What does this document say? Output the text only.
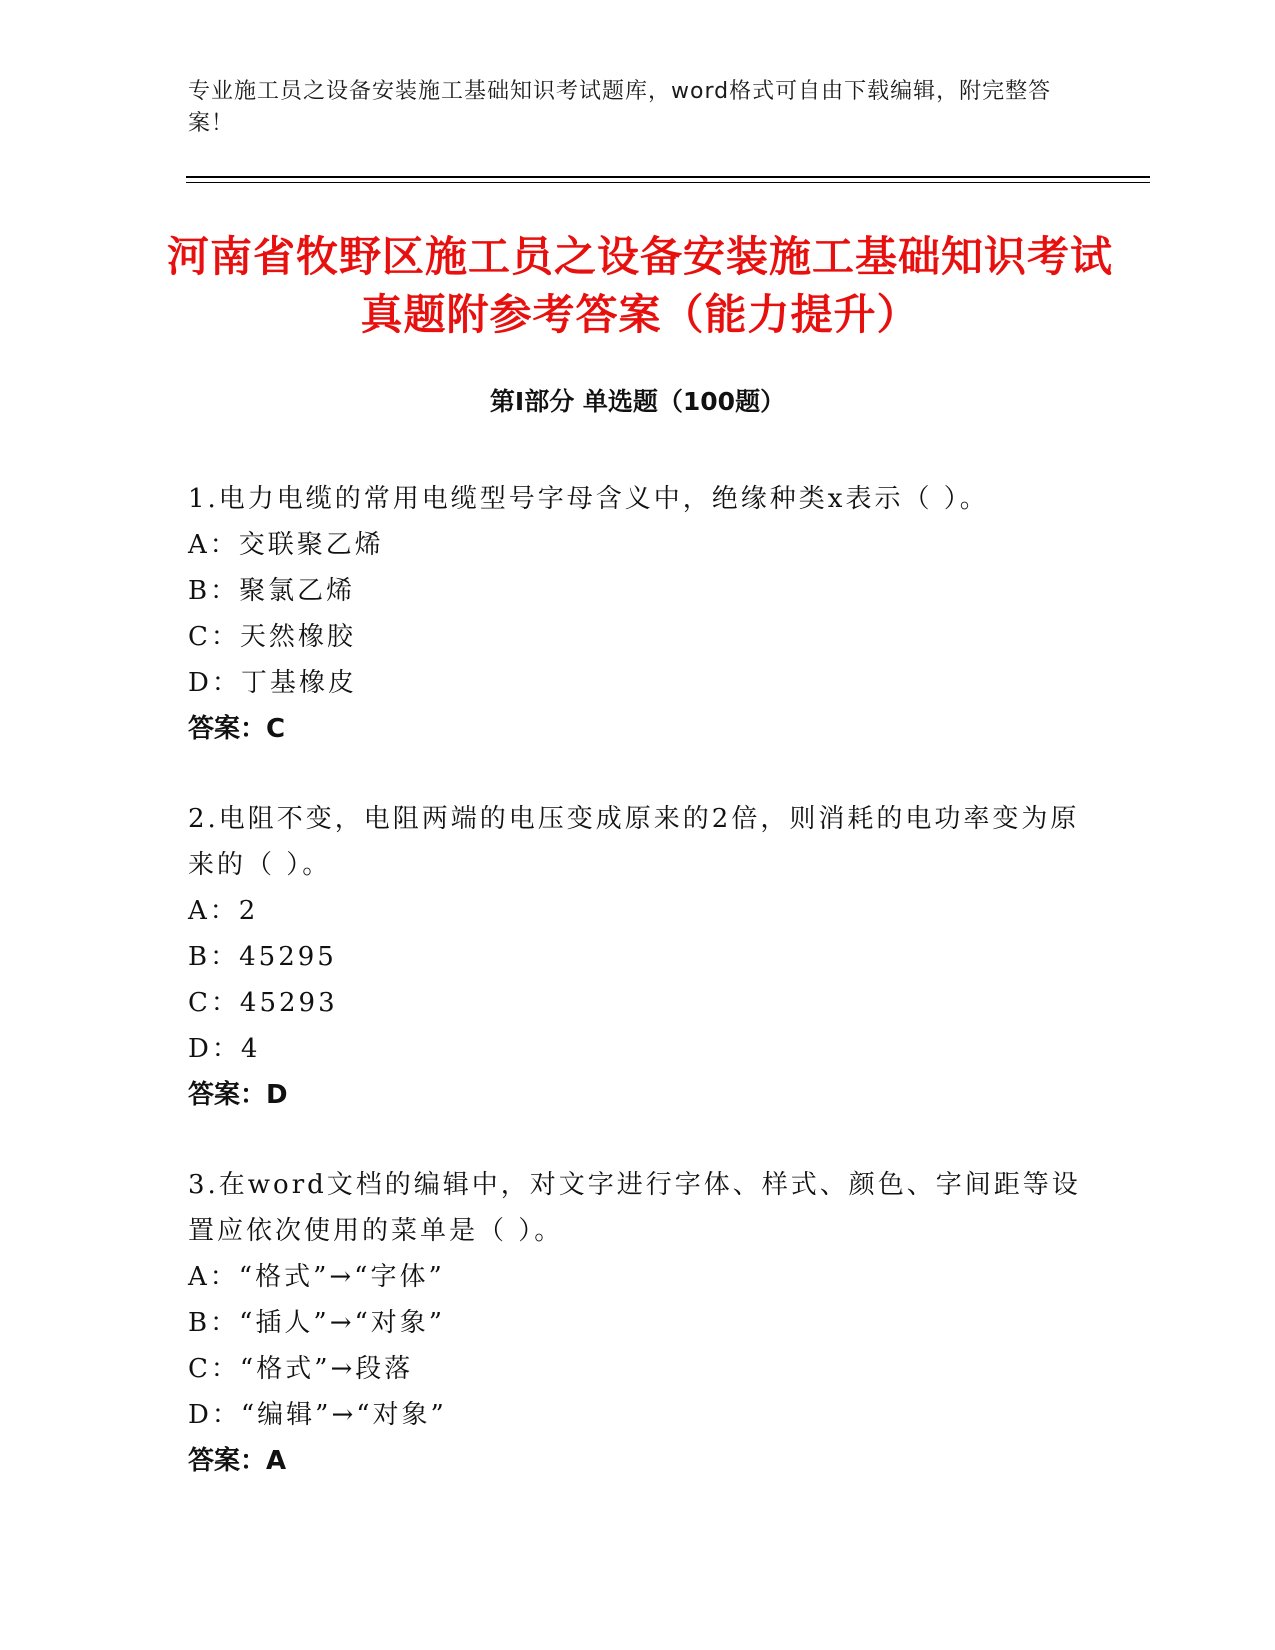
专业施工员之设备安装施工基础知识考试题库，word格式可自由下载编辑，附完整答案！
河南省牧野区施工员之设备安装施工基础知识考试真题附参考答案（能力提升）
第I部分 单选题（100题）
1.电力电缆的常用电缆型号字母含义中，绝缘种类x表示（ ）。
A： 交联聚乙烯
B： 聚氯乙烯
C： 天然橡胶
D： 丁基橡皮
答案：C
2.电阻不变，电阻两端的电压变成原来的2倍，则消耗的电功率变为原来的（ ）。
A： 2
B： 45295
C： 45293
D： 4
答案：D
3.在word文档的编辑中，对文字进行字体、样式、颜色、字间距等设置应依次使用的菜单是（ ）。
A： “格式”→“字体”
B： “插人”→“对象”
C： “格式”→段落
D： “编辑”→“对象”
答案：A
